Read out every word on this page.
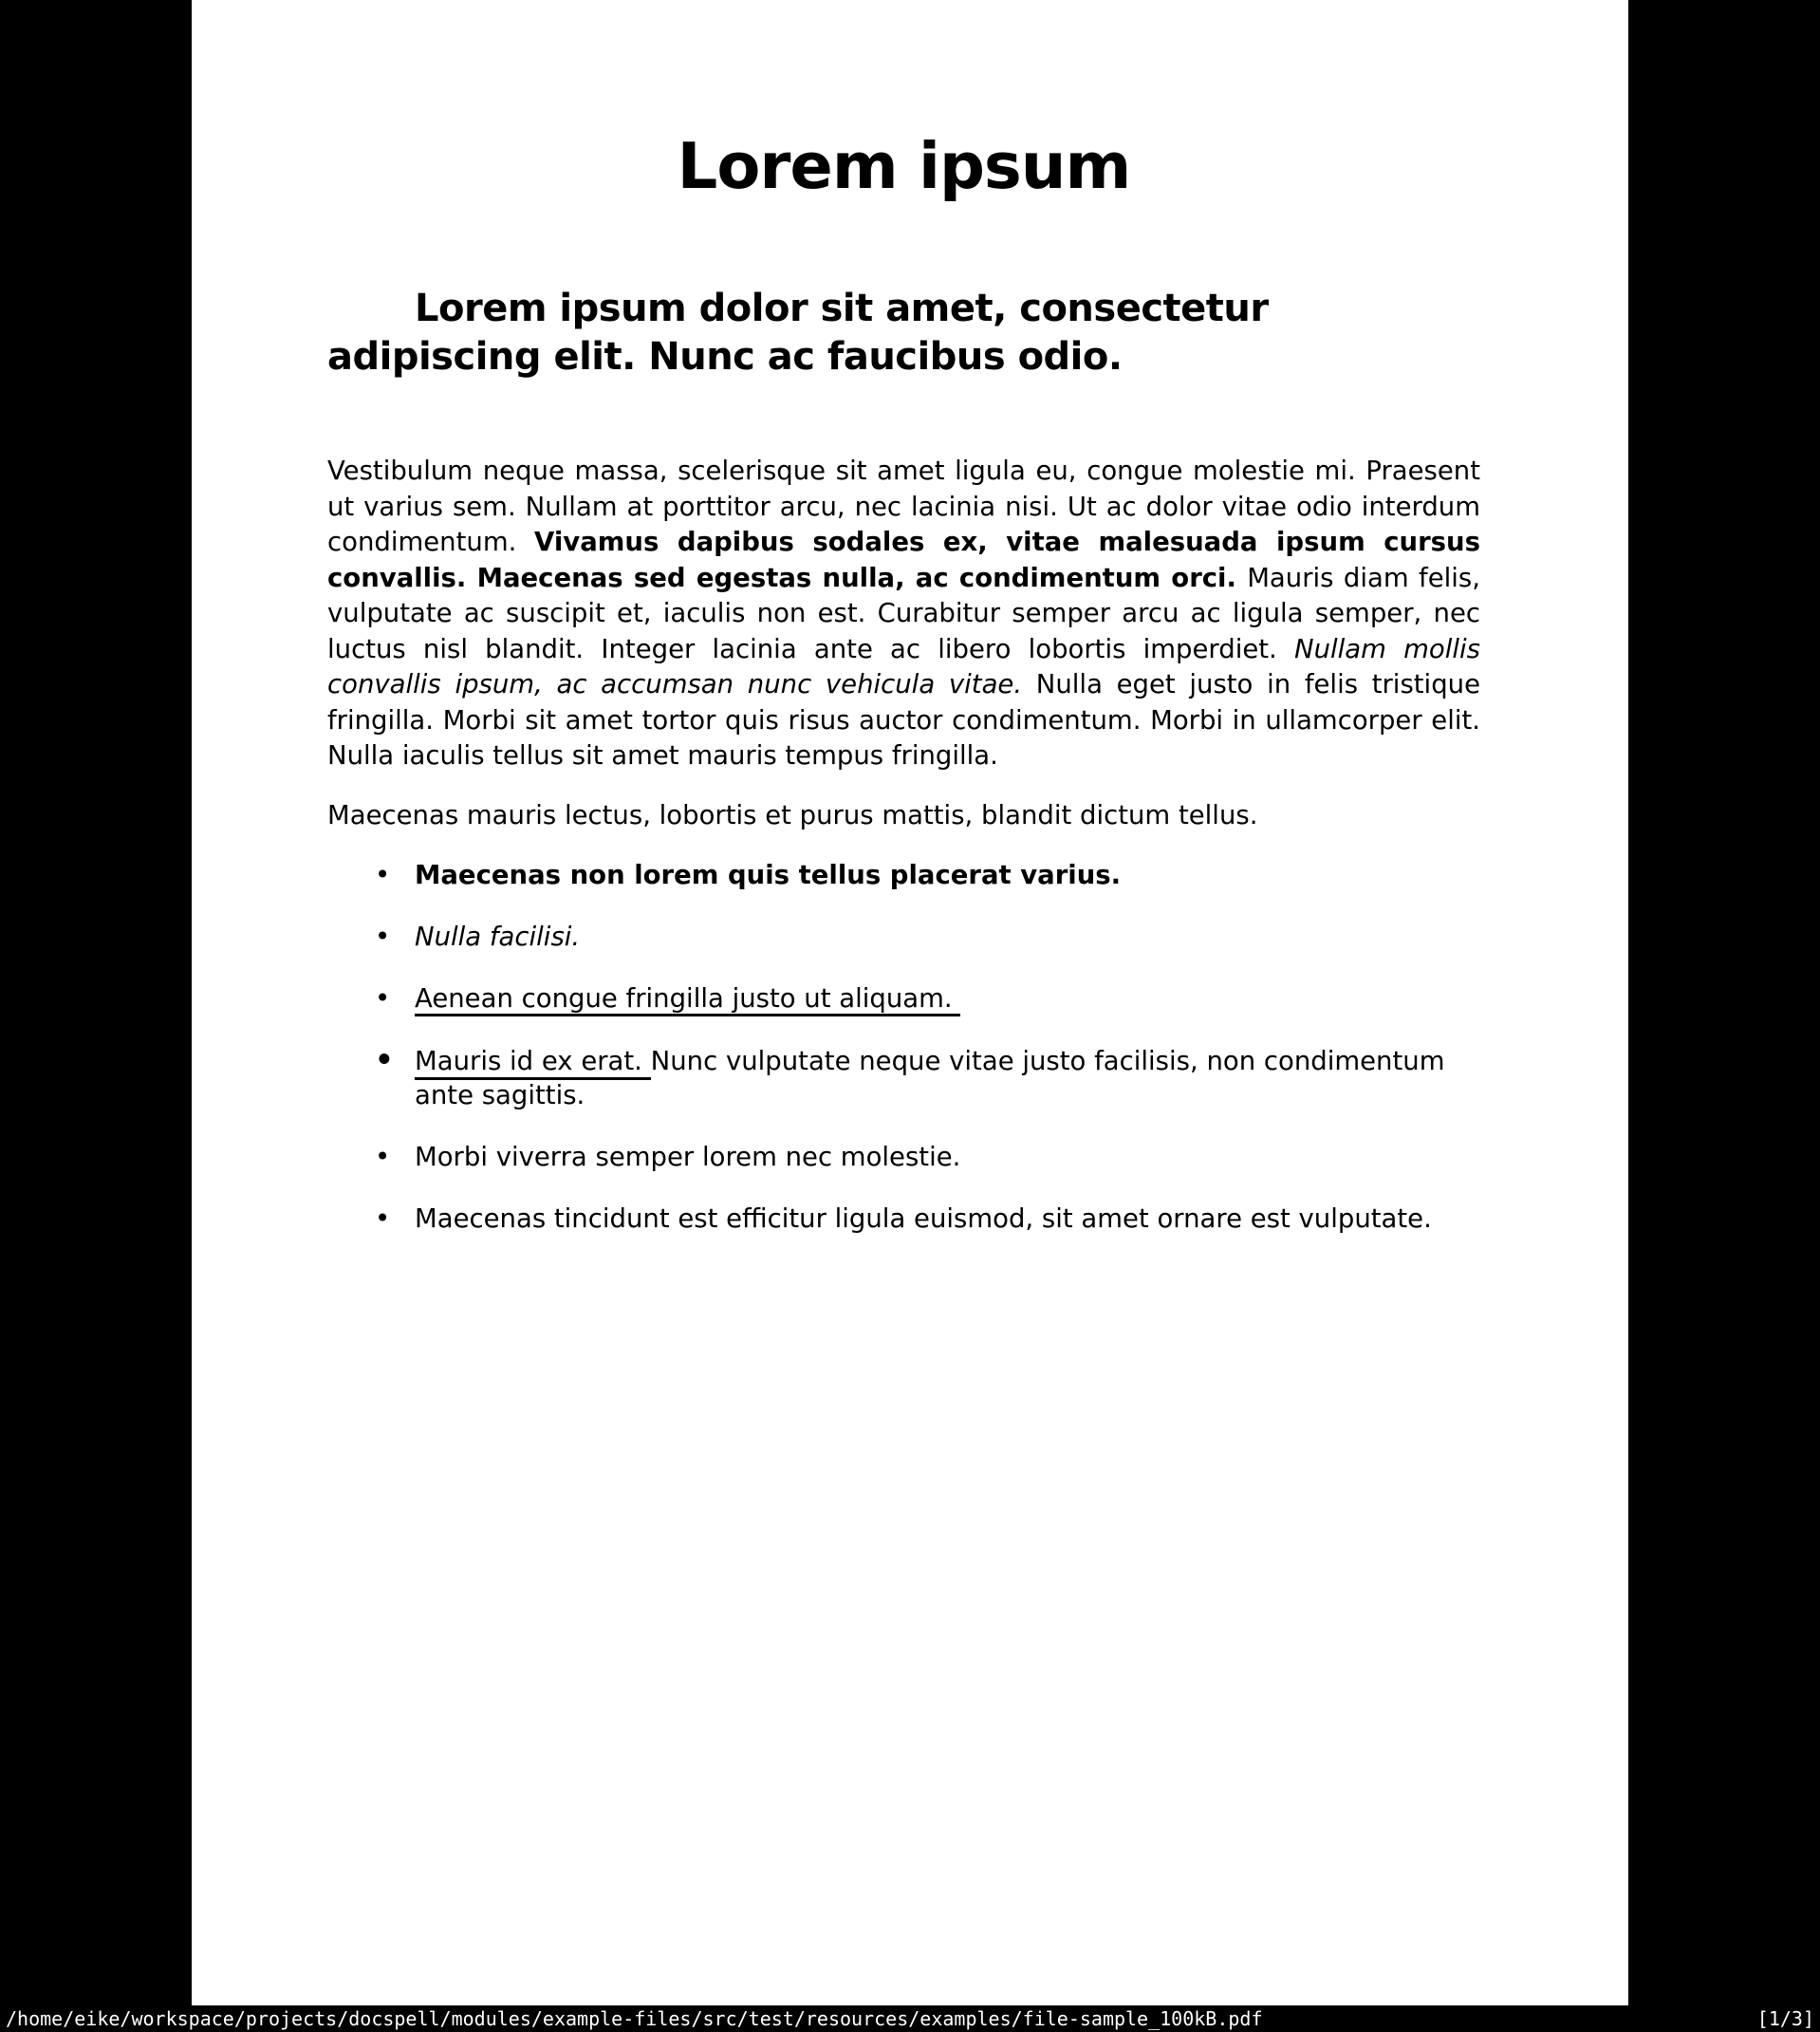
Lorem ipsum
Lorem ipsum dolor sit amet, consectetur adipiscing elit. Nunc ac faucibus odio.

Vestibulum neque massa, scelerisque sit amet ligula eu, congue molestie mi. Praesent ut varius sem. Nullam at porttitor arcu, nec lacinia nisi. Ut ac dolor vitae odio interdum condimentum. Vivamus dapibus sodales ex, vitae malesuada ipsum cursus convallis. Maecenas sed egestas nulla, ac condimentum orci. Mauris diam felis, vulputate ac suscipit et, iaculis non est. Curabitur semper arcu ac ligula semper, nec luctus nisl blandit. Integer lacinia ante ac libero lobortis imperdiet. Nullam mollis convallis ipsum, ac accumsan nunc vehicula vitae. Nulla eget justo in felis tristique fringilla. Morbi sit amet tortor quis risus auctor condimentum. Morbi in ullamcorper elit. Nulla iaculis tellus sit amet mauris tempus fringilla.

Maecenas mauris lectus, lobortis et purus mattis, blandit dictum tellus.

• Maecenas non lorem quis tellus placerat varius.
• Nulla facilisi.
• Aenean congue fringilla justo ut aliquam.
• Mauris id ex erat. Nunc vulputate neque vitae justo facilisis, non condimentum ante sagittis.
• Morbi viverra semper lorem nec molestie.
• Maecenas tincidunt est efficitur ligula euismod, sit amet ornare est vulputate.
/home/eike/workspace/projects/docspell/modules/example-files/src/test/resources/examples/file-sample_100kB.pdf	[1/3]
